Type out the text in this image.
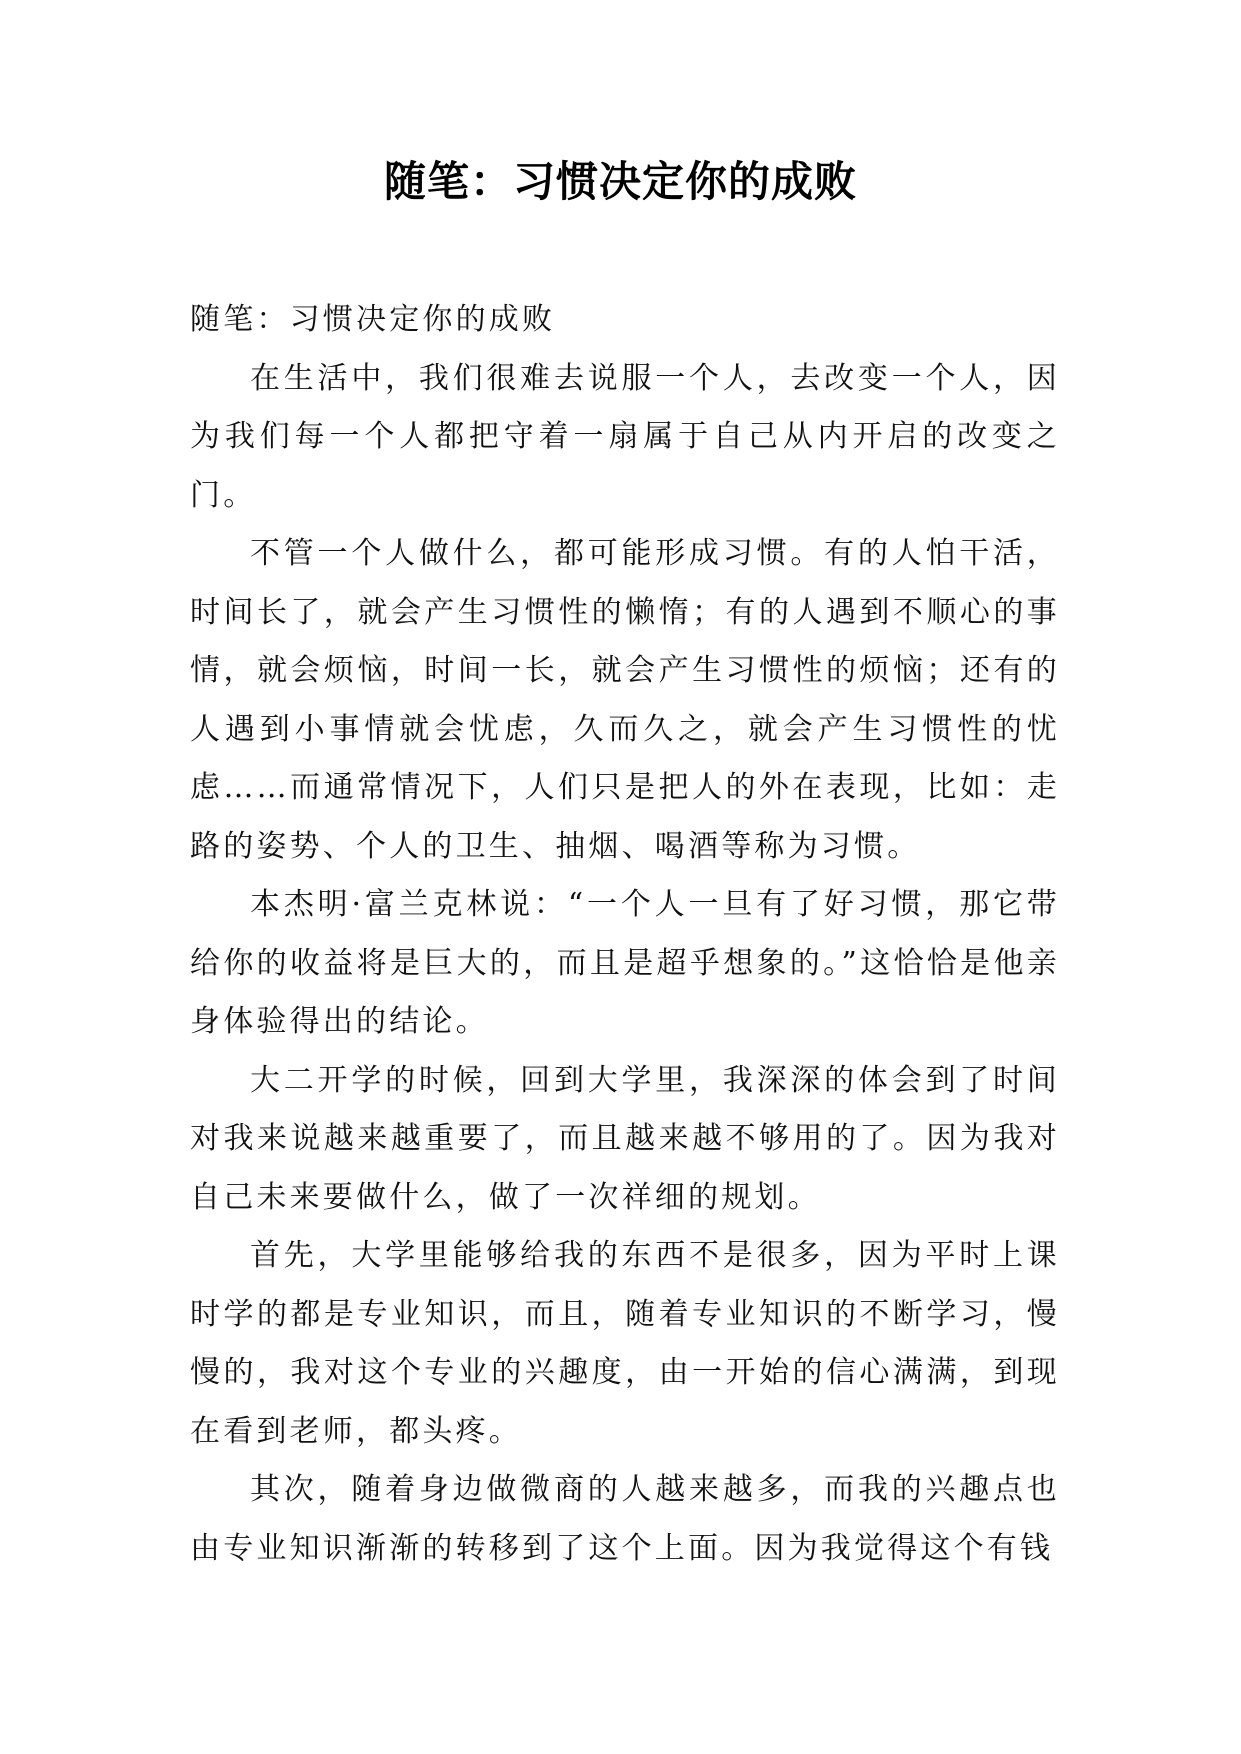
随笔：习惯决定你的成败

随笔：习惯决定你的成败

在生活中，我们很难去说服一个人，去改变一个人，因为我们每一个人都把守着一扇属于自己从内开启的改变之门。

不管一个人做什么，都可能形成习惯。有的人怕干活，时间长了，就会产生习惯性的懒惰；有的人遇到不顺心的事情，就会烦恼，时间一长，就会产生习惯性的烦恼；还有的人遇到小事情就会忧虑，久而久之，就会产生习惯性的忧虑……而通常情况下，人们只是把人的外在表现，比如：走路的姿势、个人的卫生、抽烟、喝酒等称为习惯。

本杰明·富兰克林说：“一个人一旦有了好习惯，那它带给你的收益将是巨大的，而且是超乎想象的。”这恰恰是他亲身体验得出的结论。

大二开学的时候，回到大学里，我深深的体会到了时间对我来说越来越重要了，而且越来越不够用的了。因为我对自己未来要做什么，做了一次祥细的规划。

首先，大学里能够给我的东西不是很多，因为平时上课时学的都是专业知识，而且，随着专业知识的不断学习，慢慢的，我对这个专业的兴趣度，由一开始的信心满满，到现在看到老师，都头疼。

其次，随着身边做微商的人越来越多，而我的兴趣点也由专业知识渐渐的转移到了这个上面。因为我觉得这个有钱
